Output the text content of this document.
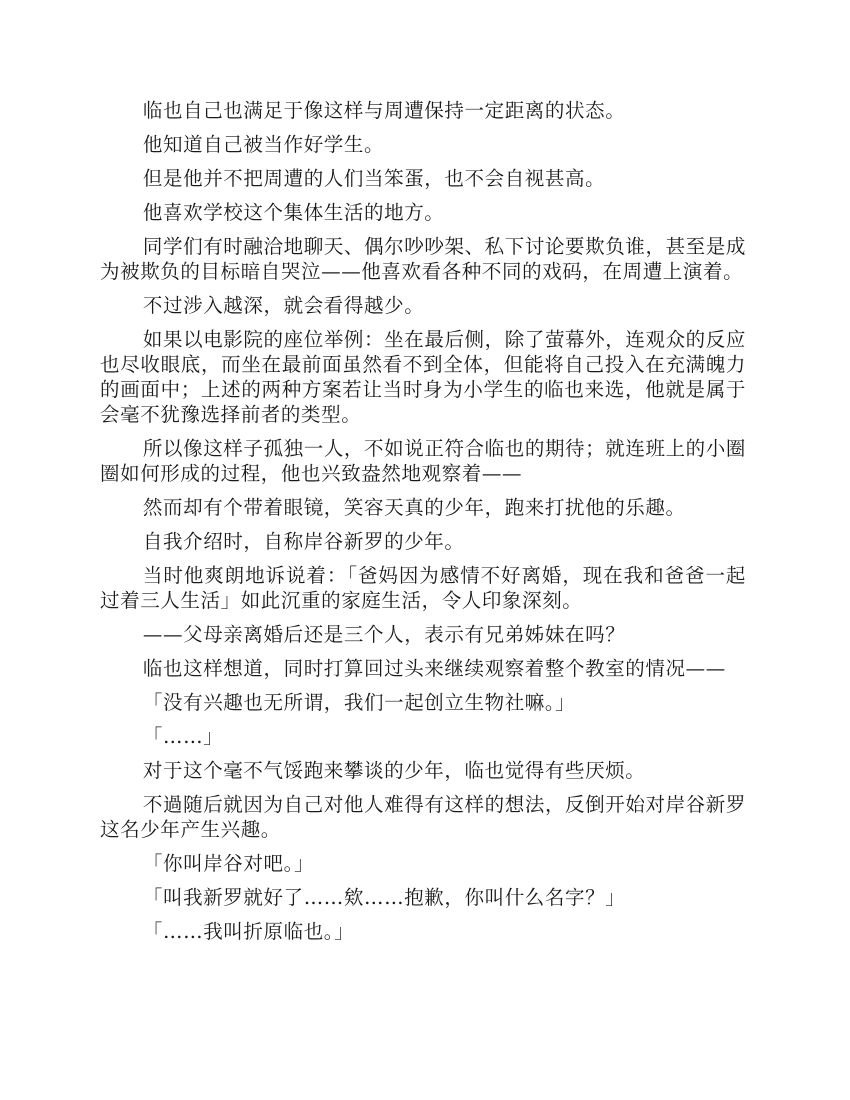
临也自己也满足于像这样与周遭保持一定距离的状态。

他知道自己被当作好学生。

但是他并不把周遭的人们当笨蛋，也不会自视甚高。

他喜欢学校这个集体生活的地方。

同学们有时融洽地聊天、偶尔吵吵架、私下讨论要欺负谁，甚至是成为被欺负的目标暗自哭泣——他喜欢看各种不同的戏码，在周遭上演着。

不过涉入越深，就会看得越少。

如果以电影院的座位举例：坐在最后侧，除了萤幕外，连观众的反应也尽收眼底，而坐在最前面虽然看不到全体，但能将自己投入在充满魄力的画面中；上述的两种方案若让当时身为小学生的临也来选，他就是属于会毫不犹豫选择前者的类型。

所以像这样子孤独一人，不如说正符合临也的期待；就连班上的小圈圈如何形成的过程，他也兴致盎然地观察着——

然而却有个带着眼镜，笑容天真的少年，跑来打扰他的乐趣。

自我介绍时，自称岸谷新罗的少年。

当时他爽朗地诉说着：「爸妈因为感情不好离婚，现在我和爸爸一起过着三人生活」如此沉重的家庭生活，令人印象深刻。

——父母亲离婚后还是三个人，表示有兄弟姊妹在吗？

临也这样想道，同时打算回过头来继续观察着整个教室的情况——

「没有兴趣也无所谓，我们一起创立生物社嘛。」

「……」

对于这个毫不气馁跑来攀谈的少年，临也觉得有些厌烦。

不過随后就因为自己对他人难得有这样的想法，反倒开始对岸谷新罗这名少年产生兴趣。

「你叫岸谷对吧。」

「叫我新罗就好了……欸……抱歉，你叫什么名字？」

「……我叫折原临也。」
